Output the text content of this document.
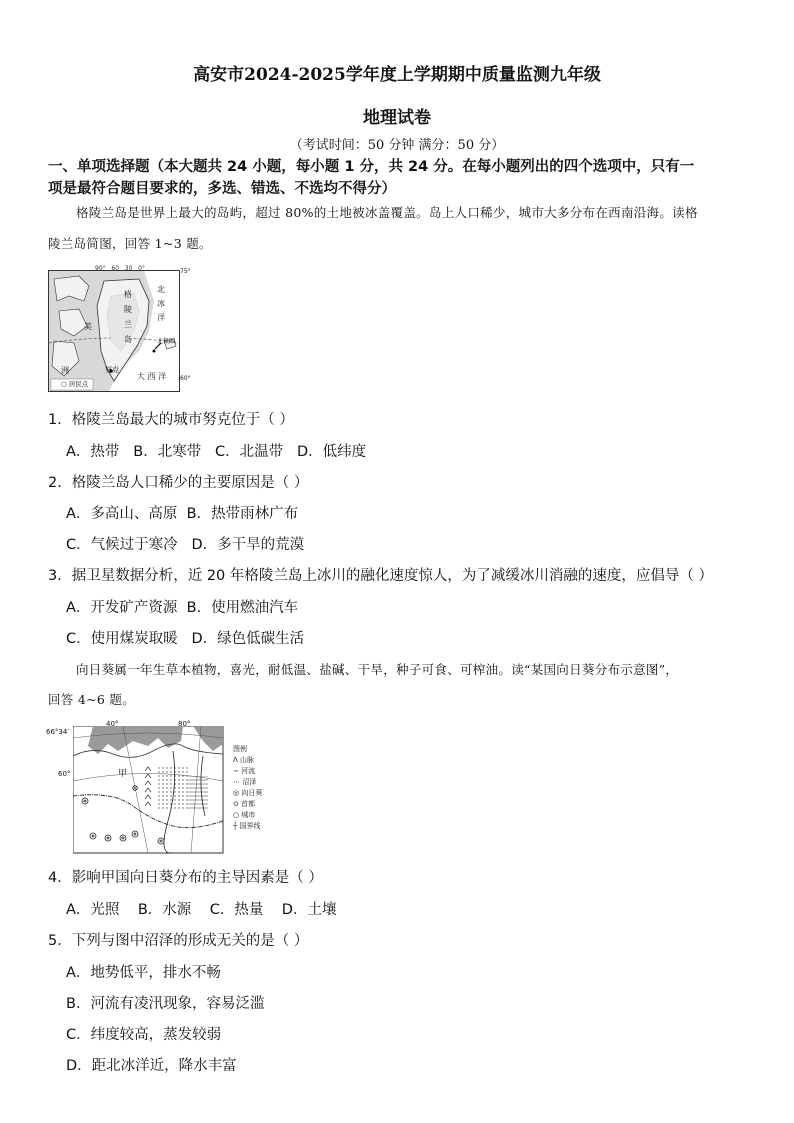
高安市2024-2025学年度上学期期中质量监测九年级
地理试卷
（考试时间：50 分钟 满分：50 分）
一、单项选择题（本大题共 24 小题，每小题 1 分，共 24 分。在每小题列出的四个选项中，只有一
项是最符合题目要求的，多选、错选、不选均不得分）
格陵兰岛是世界上最大的岛屿，超过 80%的土地被冰盖覆盖。岛上人口稀少，城市大多分布在西南沿海。读格
陵兰岛简图，回答 1~3 题。
90° 60 30 0°	75°
60°
格
陵
兰
岛
北
冰
洋
大 西 洋
美
洲	努克
北极圈
○ 居民点
1．格陵兰岛最大的城市努克位于（ ）
A．热带   B．北寒带   C．北温带   D．低纬度
2．格陵兰岛人口稀少的主要原因是（ ）
A．多高山、高原  B．热带雨林广布
C．气候过于寒冷   D．多干旱的荒漠
3．据卫星数据分析，近 20 年格陵兰岛上冰川的融化速度惊人，为了减缓冰川消融的速度，应倡导（ ）
A．开发矿产资源  B．使用燃油汽车
C．使用煤炭取暖   D．绿色低碳生活
向日葵属一年生草本植物，喜光，耐低温、盐碱、干旱，种子可食、可榨油。读“某国向日葵分布示意图”，
回答 4~6 题。
40°	80°
66°34′
60°	甲
图例
ᐱ 山脉
∽ 河流
⋯ 沼泽
◎ 向日葵
⊙ 首都
○ 城市
┼ 国界线
4．影响甲国向日葵分布的主导因素是（ ）
A．光照    B．水源    C．热量    D．土壤
5．下列与图中沼泽的形成无关的是（ ）
A．地势低平，排水不畅
B．河流有凌汛现象，容易泛滥
C．纬度较高，蒸发较弱
D．距北冰洋近，降水丰富
